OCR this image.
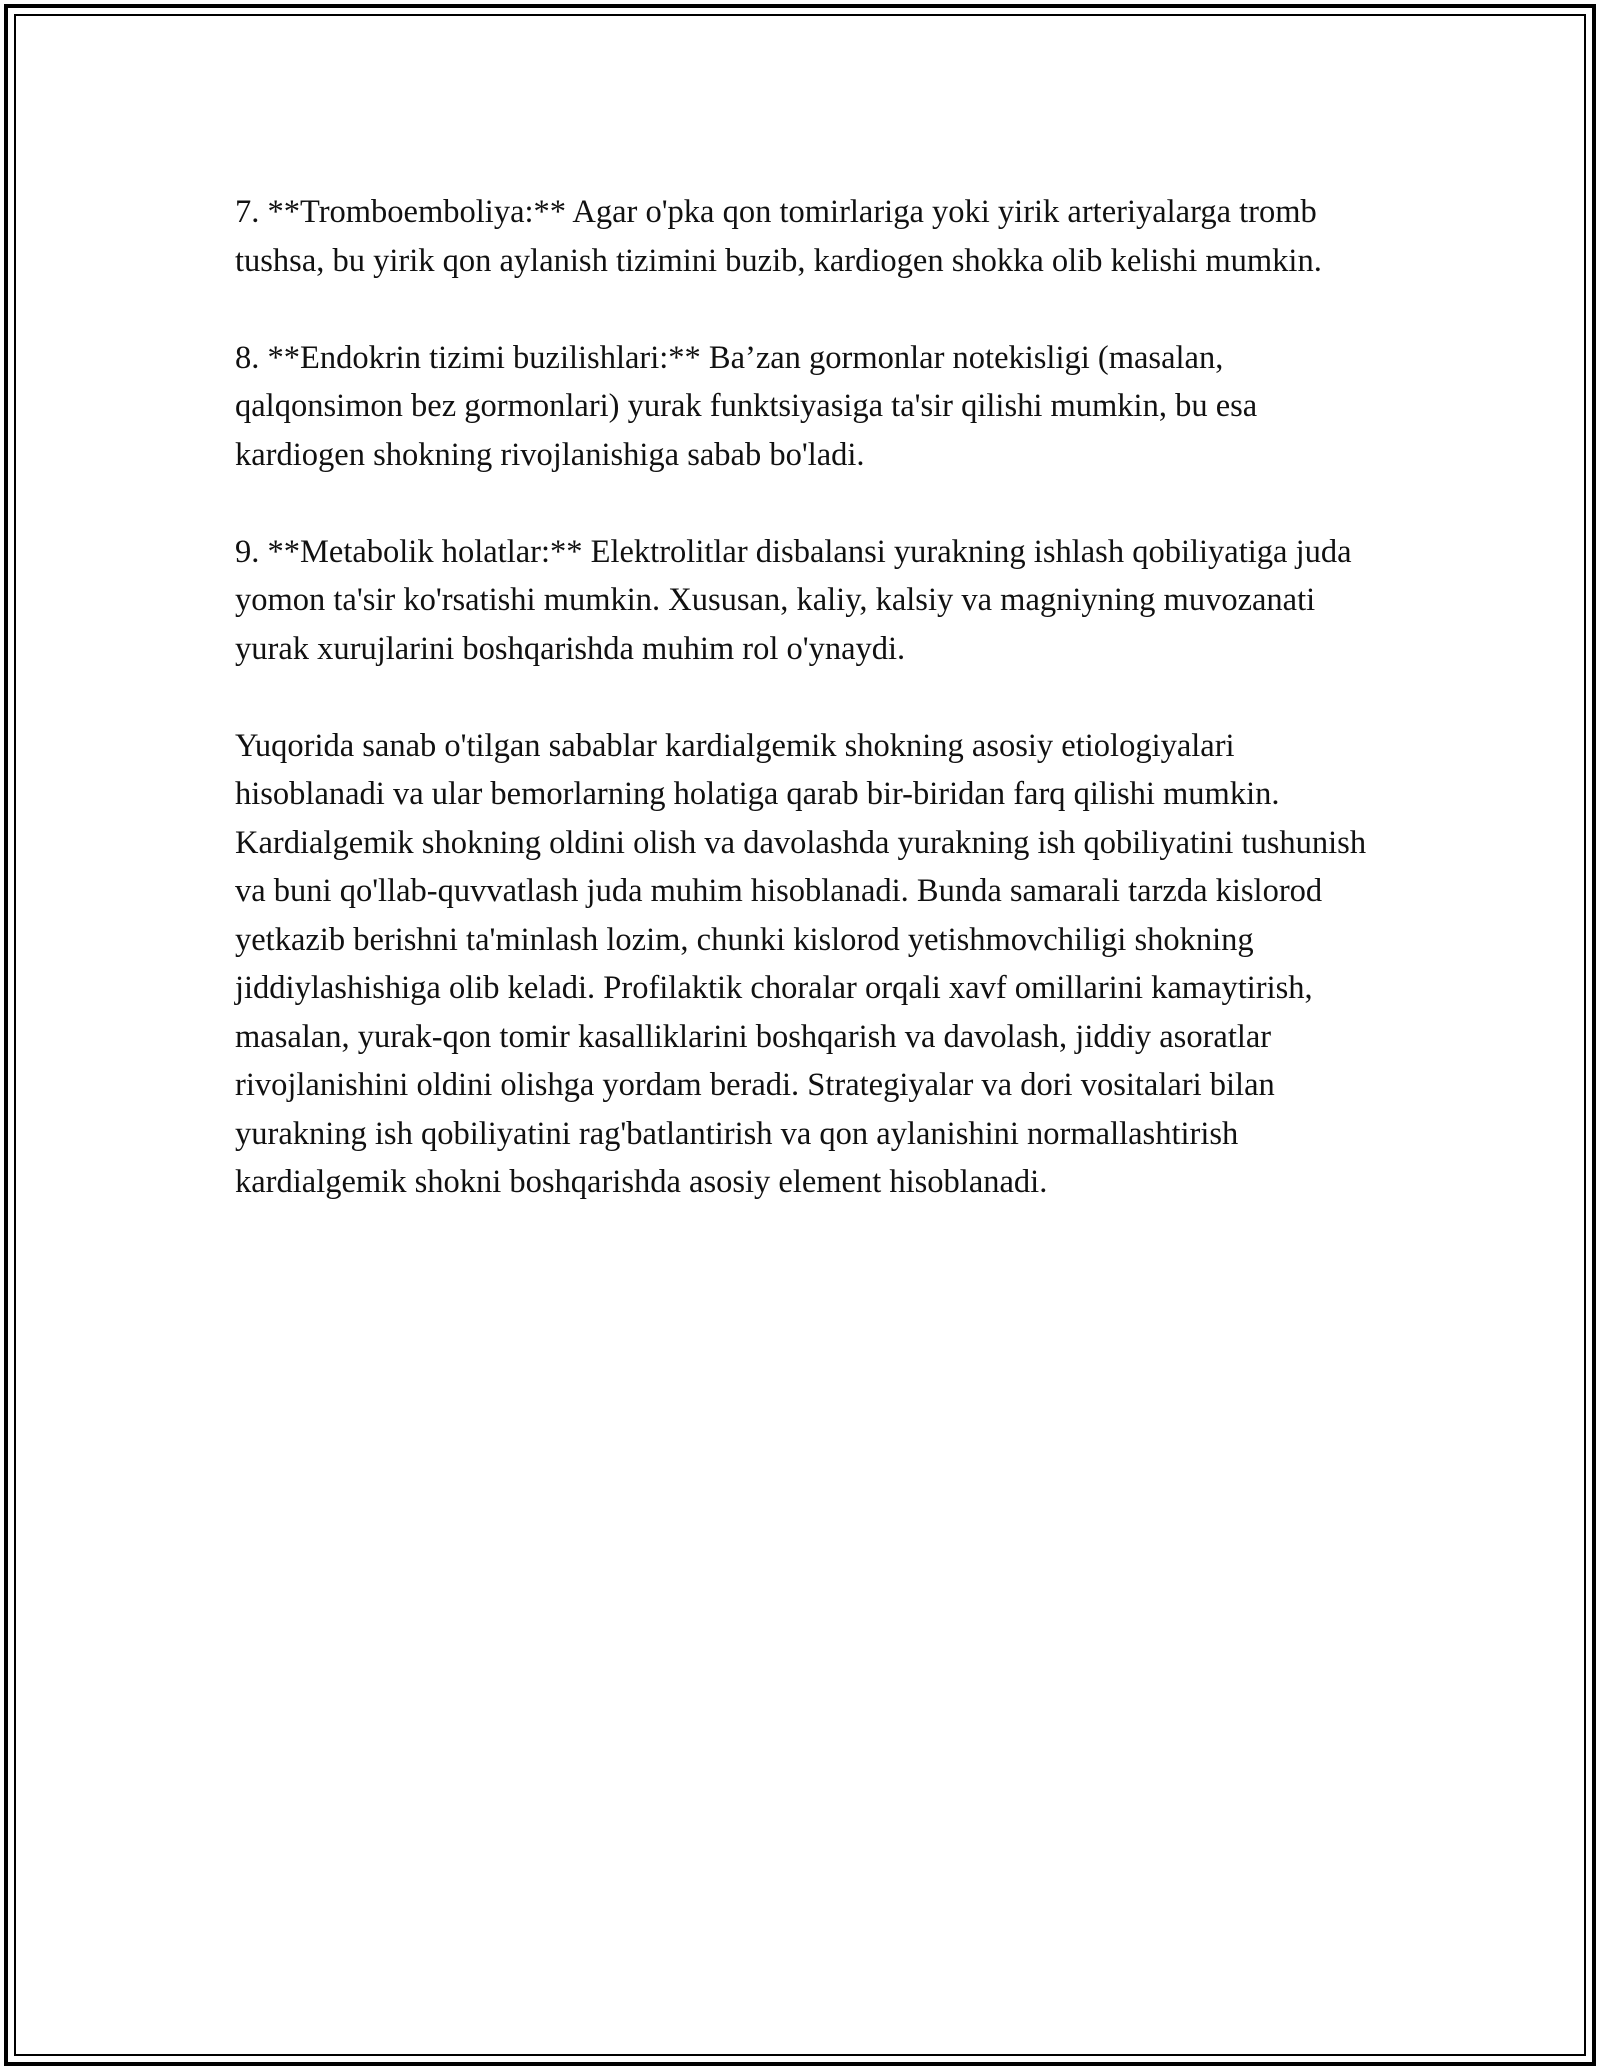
7. **Tromboemboliya:** Agar o'pka qon tomirlariga yoki yirik arteriyalarga tromb tushsa, bu yirik qon aylanish tizimini buzib, kardiogen shokka olib kelishi mumkin.

8. **Endokrin tizimi buzilishlari:** Ba’zan gormonlar notekisligi (masalan, qalqonsimon bez gormonlari) yurak funktsiyasiga ta'sir qilishi mumkin, bu esa kardiogen shokning rivojlanishiga sabab bo'ladi.

9. **Metabolik holatlar:** Elektrolitlar disbalansi yurakning ishlash qobiliyatiga juda yomon ta'sir ko'rsatishi mumkin. Xususan, kaliy, kalsiy va magniyning muvozanati yurak xurujlarini boshqarishda muhim rol o'ynaydi.

Yuqorida sanab o'tilgan sabablar kardialgemik shokning asosiy etiologiyalari hisoblanadi va ular bemorlarning holatiga qarab bir-biridan farq qilishi mumkin. Kardialgemik shokning oldini olish va davolashda yurakning ish qobiliyatini tushunish va buni qo'llab-quvvatlash juda muhim hisoblanadi. Bunda samarali tarzda kislorod yetkazib berishni ta'minlash lozim, chunki kislorod yetishmovchiligi shokning jiddiylashishiga olib keladi. Profilaktik choralar orqali xavf omillarini kamaytirish, masalan, yurak-qon tomir kasalliklarini boshqarish va davolash, jiddiy asoratlar rivojlanishini oldini olishga yordam beradi. Strategiyalar va dori vositalari bilan yurakning ish qobiliyatini rag'batlantirish va qon aylanishini normallashtirish kardialgemik shokni boshqarishda asosiy element hisoblanadi.
